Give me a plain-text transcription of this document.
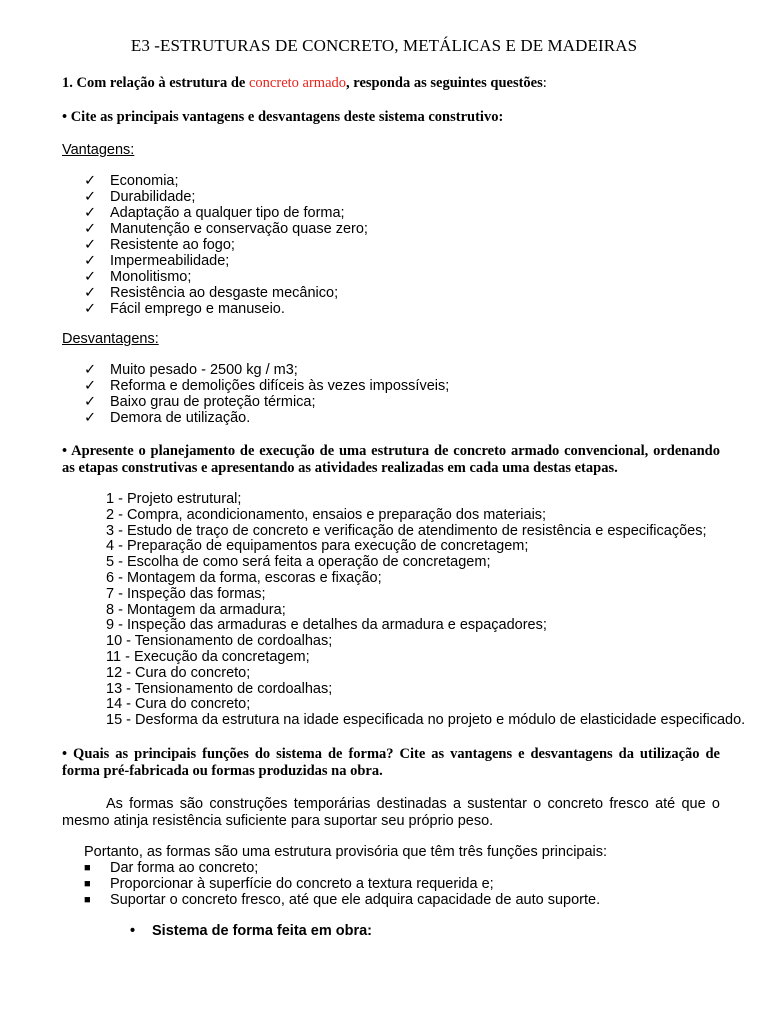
E3 -ESTRUTURAS DE CONCRETO, METÁLICAS E DE MADEIRAS
1. Com relação à estrutura de concreto armado, responda as seguintes questões:
• Cite as principais vantagens e desvantagens deste sistema construtivo:
Vantagens:
✓ Economia;
✓ Durabilidade;
✓ Adaptação a qualquer tipo de forma;
✓ Manutenção e conservação quase zero;
✓ Resistente ao fogo;
✓ Impermeabilidade;
✓ Monolitismo;
✓ Resistência ao desgaste mecânico;
✓ Fácil emprego e manuseio.
Desvantagens:
✓ Muito pesado - 2500 kg / m3;
✓ Reforma e demolições difíceis às vezes impossíveis;
✓ Baixo grau de proteção térmica;
✓ Demora de utilização.
• Apresente o planejamento de execução de uma estrutura de concreto armado convencional, ordenando as etapas construtivas e apresentando as atividades realizadas em cada uma destas etapas.
1 - Projeto estrutural;
2 - Compra, acondicionamento, ensaios e preparação dos materiais;
3 - Estudo de traço de concreto e verificação de atendimento de resistência e especificações;
4 - Preparação de equipamentos para execução de concretagem;
5 - Escolha de como será feita a operação de concretagem;
6 - Montagem da forma, escoras e fixação;
7 - Inspeção das formas;
8 - Montagem da armadura;
9 - Inspeção das armaduras e detalhes da armadura e espaçadores;
10 - Tensionamento de cordoalhas;
11 - Execução da concretagem;
12 - Cura do concreto;
13 - Tensionamento de cordoalhas;
14 - Cura do concreto;
15 - Desforma da estrutura na idade especificada no projeto e módulo de elasticidade especificado.
• Quais as principais funções do sistema de forma? Cite as vantagens e desvantagens da utilização de forma pré-fabricada ou formas produzidas na obra.
As formas são construções temporárias destinadas a sustentar o concreto fresco até que o mesmo atinja resistência suficiente para suportar seu próprio peso.
Portanto, as formas são uma estrutura provisória que têm três funções principais:
■	Dar forma ao concreto;
■	Proporcionar à superfície do concreto a textura requerida e;
■	Suportar o concreto fresco, até que ele adquira capacidade de auto suporte.
• Sistema de forma feita em obra:
